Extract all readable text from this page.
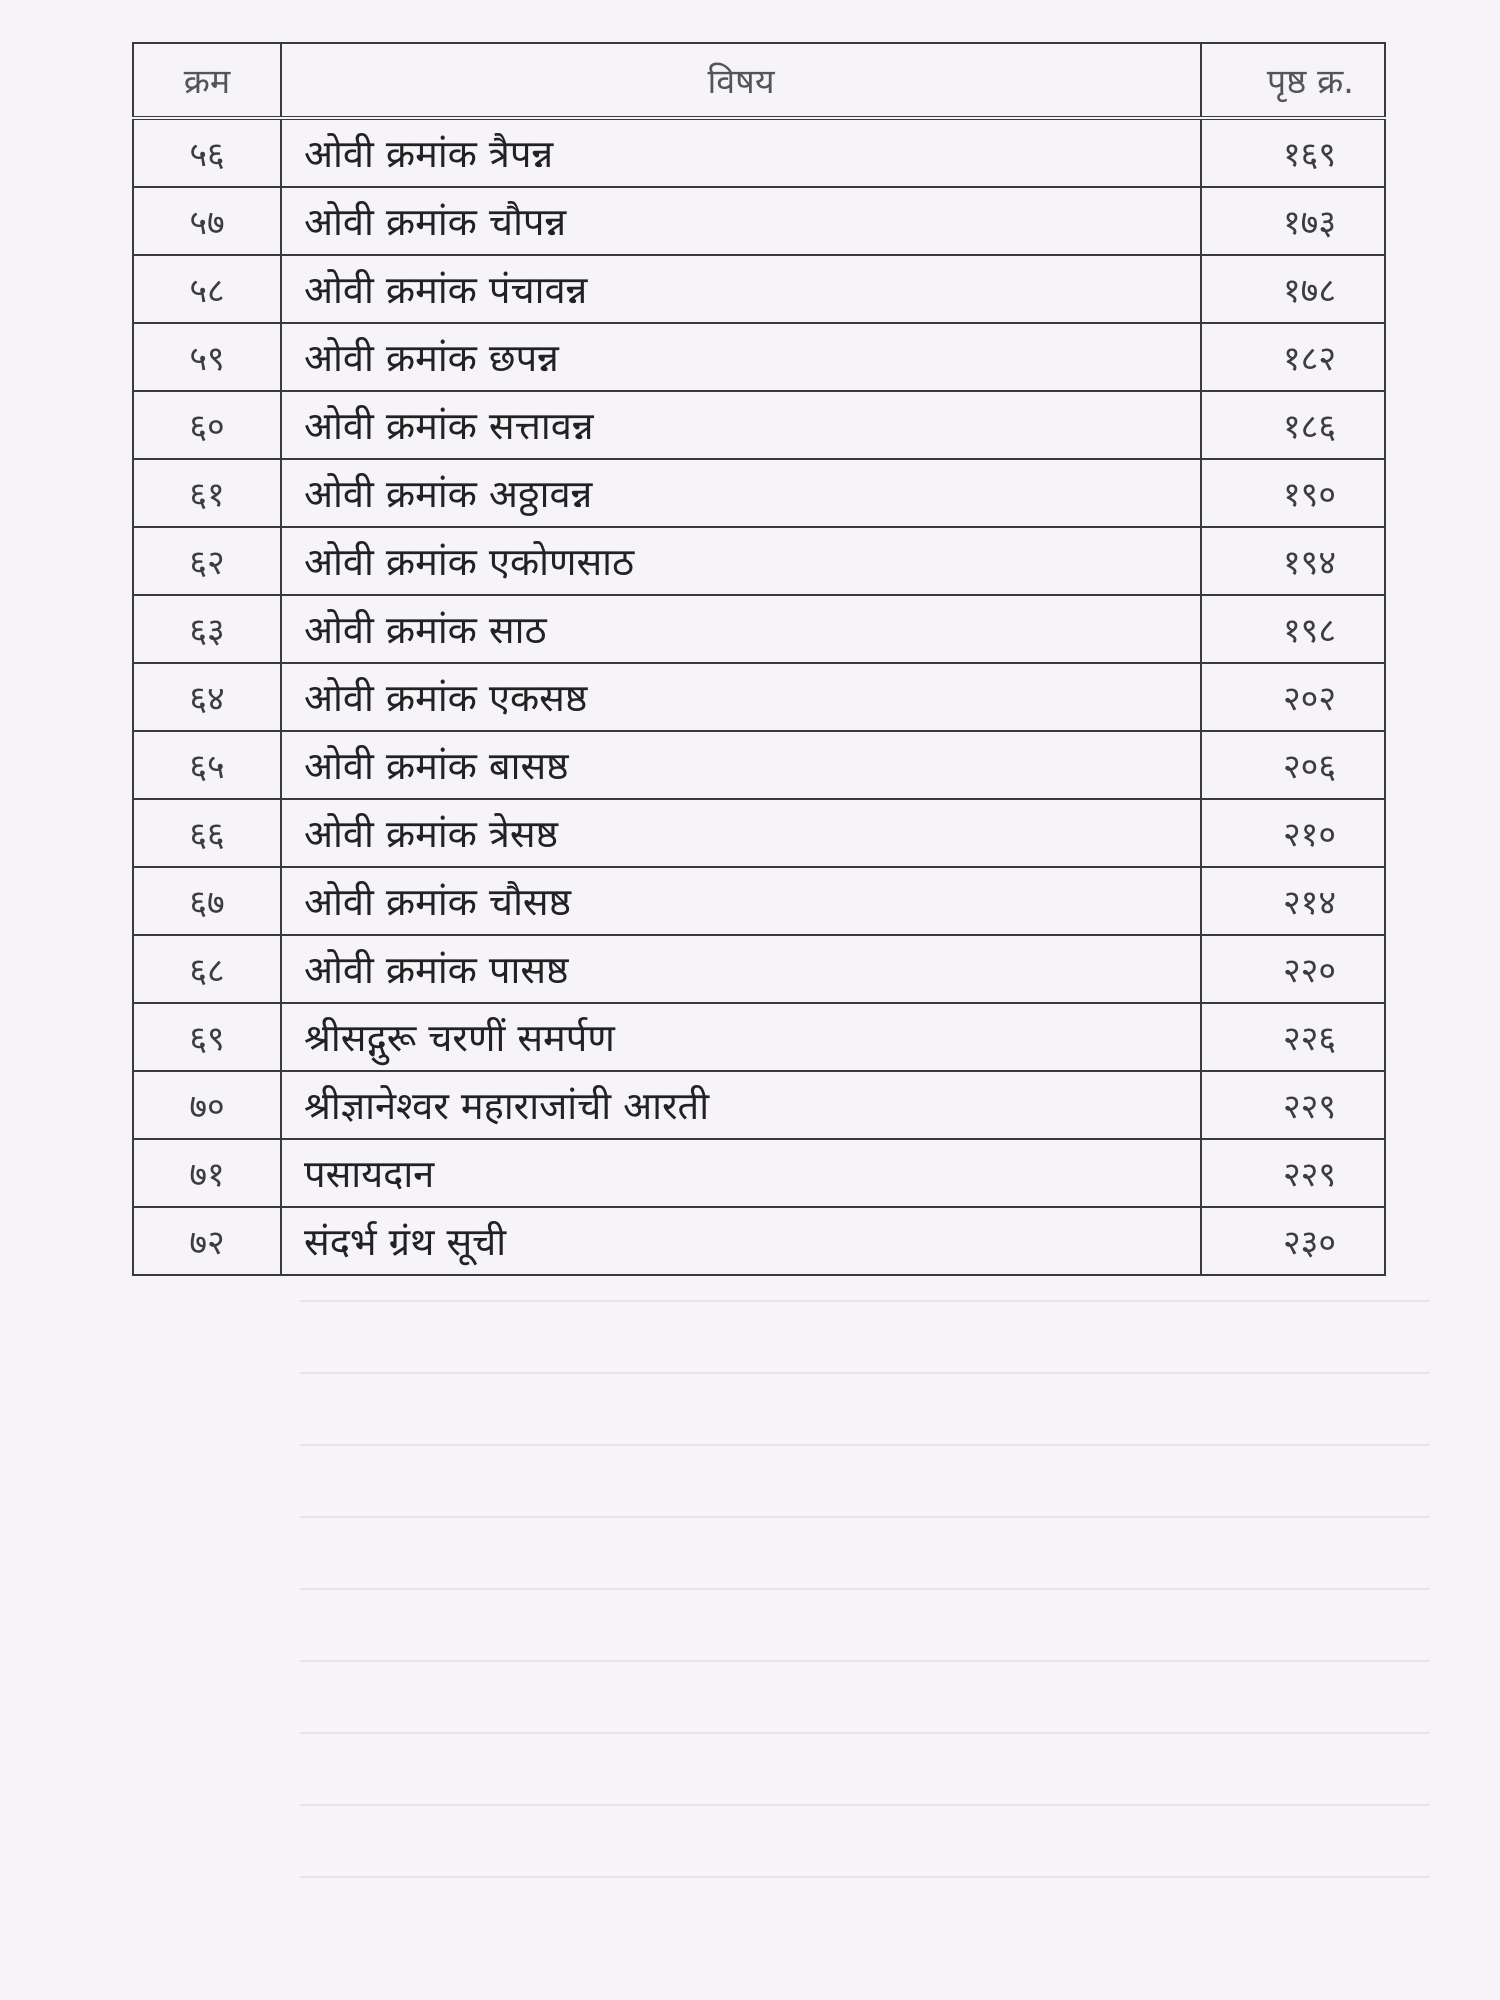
क्रम	विषय	पृष्ठ क्र.
५६	ओवी क्रमांक त्रैपन्न	१६९
५७	ओवी क्रमांक चौपन्न	१७३
५८	ओवी क्रमांक पंचावन्न	१७८
५९	ओवी क्रमांक छपन्न	१८२
६०	ओवी क्रमांक सत्तावन्न	१८६
६१	ओवी क्रमांक अठ्ठावन्न	१९०
६२	ओवी क्रमांक एकोणसाठ	१९४
६३	ओवी क्रमांक साठ	१९८
६४	ओवी क्रमांक एकसष्ठ	२०२
६५	ओवी क्रमांक बासष्ठ	२०६
६६	ओवी क्रमांक त्रेसष्ठ	२१०
६७	ओवी क्रमांक चौसष्ठ	२१४
६८	ओवी क्रमांक पासष्ठ	२२०
६९	श्रीसद्गुरू चरणीं समर्पण	२२६
७०	श्रीज्ञानेश्वर महाराजांची आरती	२२९
७१	पसायदान	२२९
७२	संदर्भ ग्रंथ सूची	२३०
